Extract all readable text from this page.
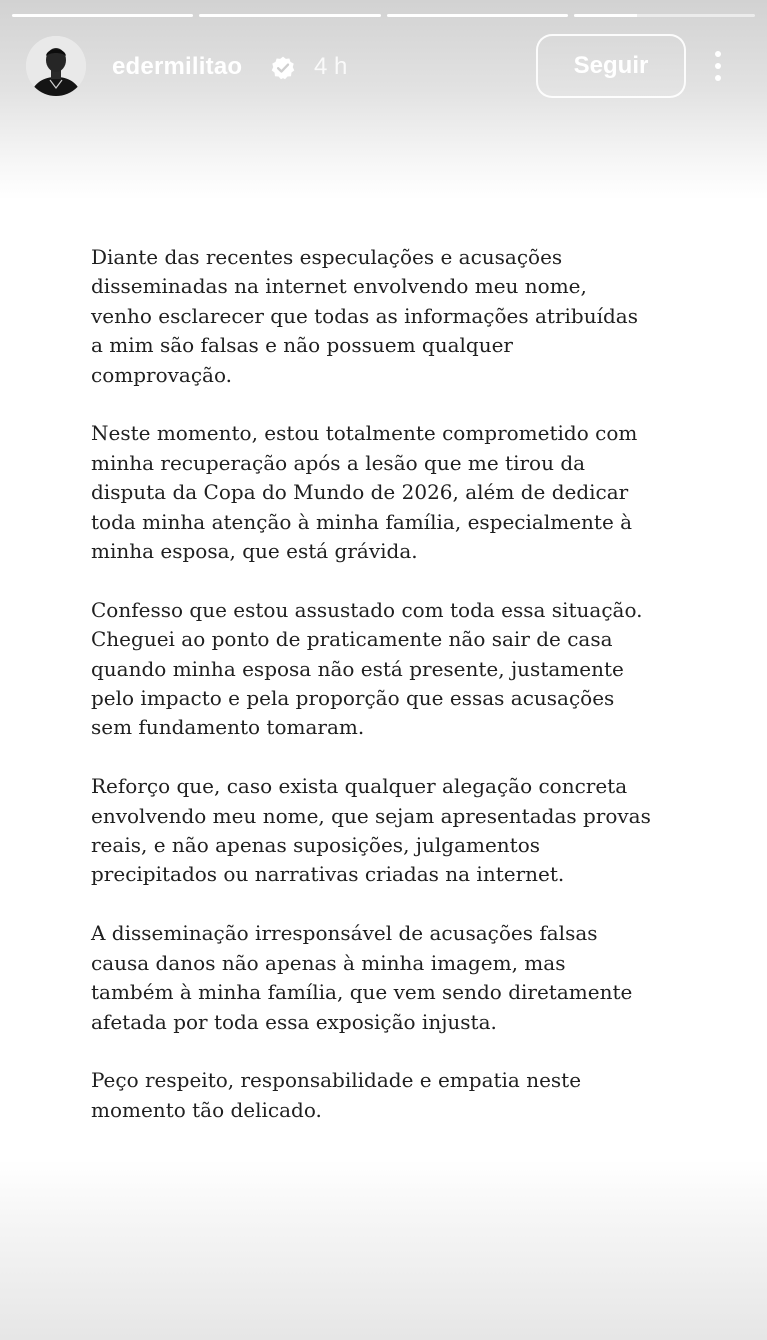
edermilitao	4 h	Seguir

Diante das recentes especulações e acusações
disseminadas na internet envolvendo meu nome,
venho esclarecer que todas as informações atribuídas
a mim são falsas e não possuem qualquer
comprovação.

Neste momento, estou totalmente comprometido com
minha recuperação após a lesão que me tirou da
disputa da Copa do Mundo de 2026, além de dedicar
toda minha atenção à minha família, especialmente à
minha esposa, que está grávida.

Confesso que estou assustado com toda essa situação.
Cheguei ao ponto de praticamente não sair de casa
quando minha esposa não está presente, justamente
pelo impacto e pela proporção que essas acusações
sem fundamento tomaram.

Reforço que, caso exista qualquer alegação concreta
envolvendo meu nome, que sejam apresentadas provas
reais, e não apenas suposições, julgamentos
precipitados ou narrativas criadas na internet.

A disseminação irresponsável de acusações falsas
causa danos não apenas à minha imagem, mas
também à minha família, que vem sendo diretamente
afetada por toda essa exposição injusta.

Peço respeito, responsabilidade e empatia neste
momento tão delicado.
